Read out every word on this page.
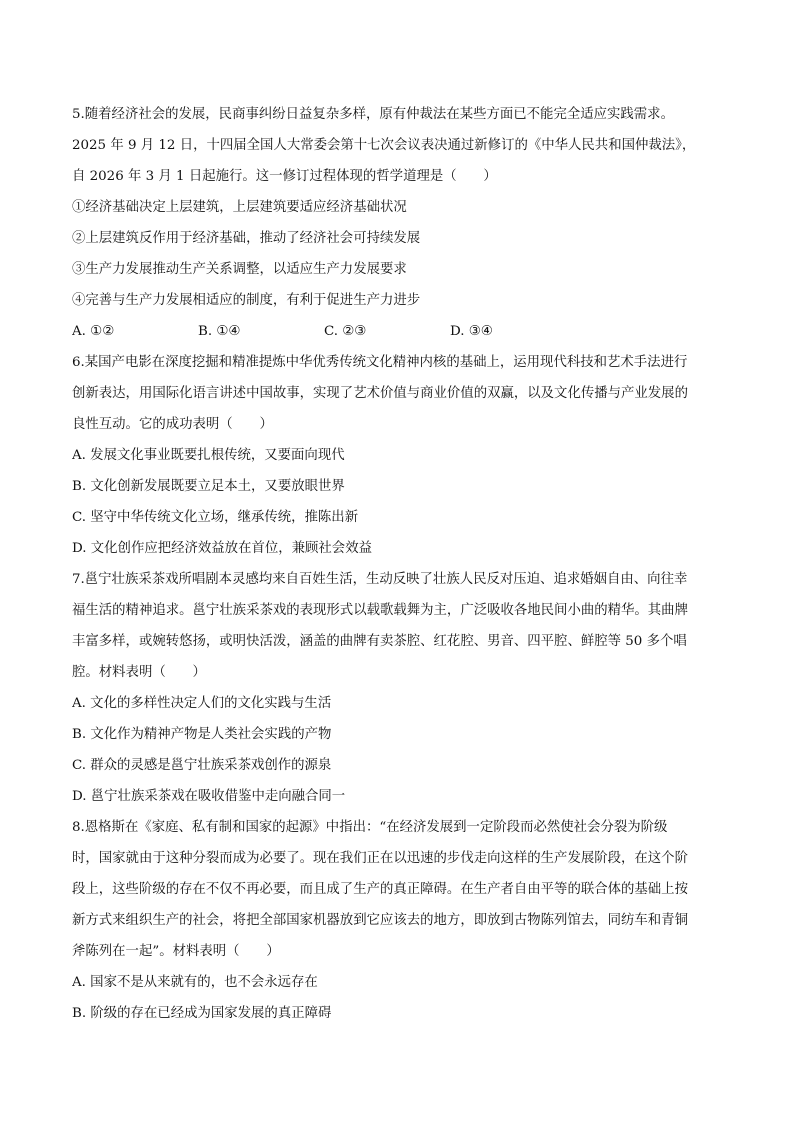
5.随着经济社会的发展，民商事纠纷日益复杂多样，原有仲裁法在某些方面已不能完全适应实践需求。
2025 年 9 月 12 日，十四届全国人大常委会第十七次会议表决通过新修订的《中华人民共和国仲裁法》，
自 2026 年 3 月 1 日起施行。这一修订过程体现的哲学道理是（　　）
①经济基础决定上层建筑，上层建筑要适应经济基础状况
②上层建筑反作用于经济基础，推动了经济社会可持续发展
③生产力发展推动生产关系调整，以适应生产力发展要求
④完善与生产力发展相适应的制度，有利于促进生产力进步
A. ①②	B. ①④	C. ②③	D. ③④
6.某国产电影在深度挖掘和精准提炼中华优秀传统文化精神内核的基础上，运用现代科技和艺术手法进行
创新表达，用国际化语言讲述中国故事，实现了艺术价值与商业价值的双赢，以及文化传播与产业发展的
良性互动。它的成功表明（　　）
A. 发展文化事业既要扎根传统，又要面向现代
B. 文化创新发展既要立足本土，又要放眼世界
C. 坚守中华传统文化立场，继承传统，推陈出新
D. 文化创作应把经济效益放在首位，兼顾社会效益
7.邕宁壮族采茶戏所唱剧本灵感均来自百姓生活，生动反映了壮族人民反对压迫、追求婚姻自由、向往幸
福生活的精神追求。邕宁壮族采茶戏的表现形式以载歌载舞为主，广泛吸收各地民间小曲的精华。其曲牌
丰富多样，或婉转悠扬，或明快活泼，涵盖的曲牌有卖茶腔、红花腔、男音、四平腔、鲜腔等 50 多个唱
腔。材料表明（　　）
A. 文化的多样性决定人们的文化实践与生活
B. 文化作为精神产物是人类社会实践的产物
C. 群众的灵感是邕宁壮族采茶戏创作的源泉
D. 邕宁壮族采茶戏在吸收借鉴中走向融合同一
8.恩格斯在《家庭、私有制和国家的起源》中指出：“在经济发展到一定阶段而必然使社会分裂为阶级
时，国家就由于这种分裂而成为必要了。现在我们正在以迅速的步伐走向这样的生产发展阶段，在这个阶
段上，这些阶级的存在不仅不再必要，而且成了生产的真正障碍。在生产者自由平等的联合体的基础上按
新方式来组织生产的社会，将把全部国家机器放到它应该去的地方，即放到古物陈列馆去，同纺车和青铜
斧陈列在一起”。材料表明（　　）
A. 国家不是从来就有的，也不会永远存在
B. 阶级的存在已经成为国家发展的真正障碍
